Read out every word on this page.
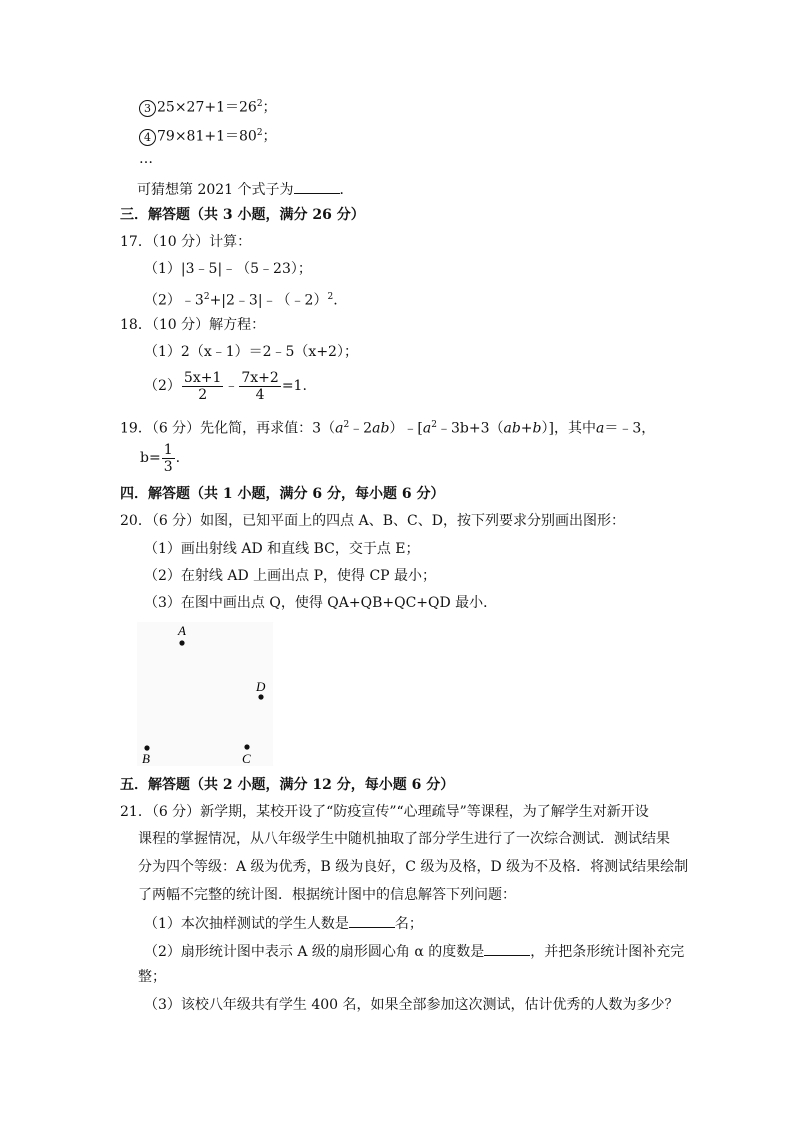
3 $25\times 27+1=26^2$；
4 $79\times 81+1=80^2$；
…
可猜想第 2021 个式子为	．
三．解答题（共 3 小题，满分 26 分）
17．（10 分）计算：
（1）|3﹣5|﹣（5﹣23）；
$(2)﹣3^2+|2﹣3|﹣(﹣2)^2$.
18．（10 分）解方程：
（1）2（x﹣1）＝2﹣5（x+2）；
$(2) \frac{5x+1}{2}$ ﹣ $\frac{7x+2}{4} =1$.
19．（6 分）先化简，再求值：$3(a^2﹣2ab)﹣[a^2﹣3b+3(ab+b)]$，其中a＝﹣3，
$b= \frac{1}{3}$ .
四．解答题（共 1 小题，满分 6 分，每小题 6 分）
20．（6 分）如图，已知平面上的四点 A、B、C、D，按下列要求分别画出图形：
（1）画出射线 AD 和直线 BC，交于点 E；
（2）在射线 AD 上画出点 P，使得 CP 最小；
（3）在图中画出点 Q，使得 QA+QB+QC+QD 最小．
A
D
B	C
五．解答题（共 2 小题，满分 12 分，每小题 6 分）
21．（6 分）新学期，某校开设了“防疫宣传”“心理疏导”等课程，为了解学生对新开设
课程的掌握情况，从八年级学生中随机抽取了部分学生进行了一次综合测试．测试结果
分为四个等级：A 级为优秀，B 级为良好，C 级为及格，D 级为不及格．将测试结果绘制
了两幅不完整的统计图．根据统计图中的信息解答下列问题：
（1）本次抽样测试的学生人数是	名；
（2）扇形统计图中表示 A 级的扇形圆心角 α 的度数是	，并把条形统计图补充完
整；
（3）该校八年级共有学生 400 名，如果全部参加这次测试，估计优秀的人数为多少？
